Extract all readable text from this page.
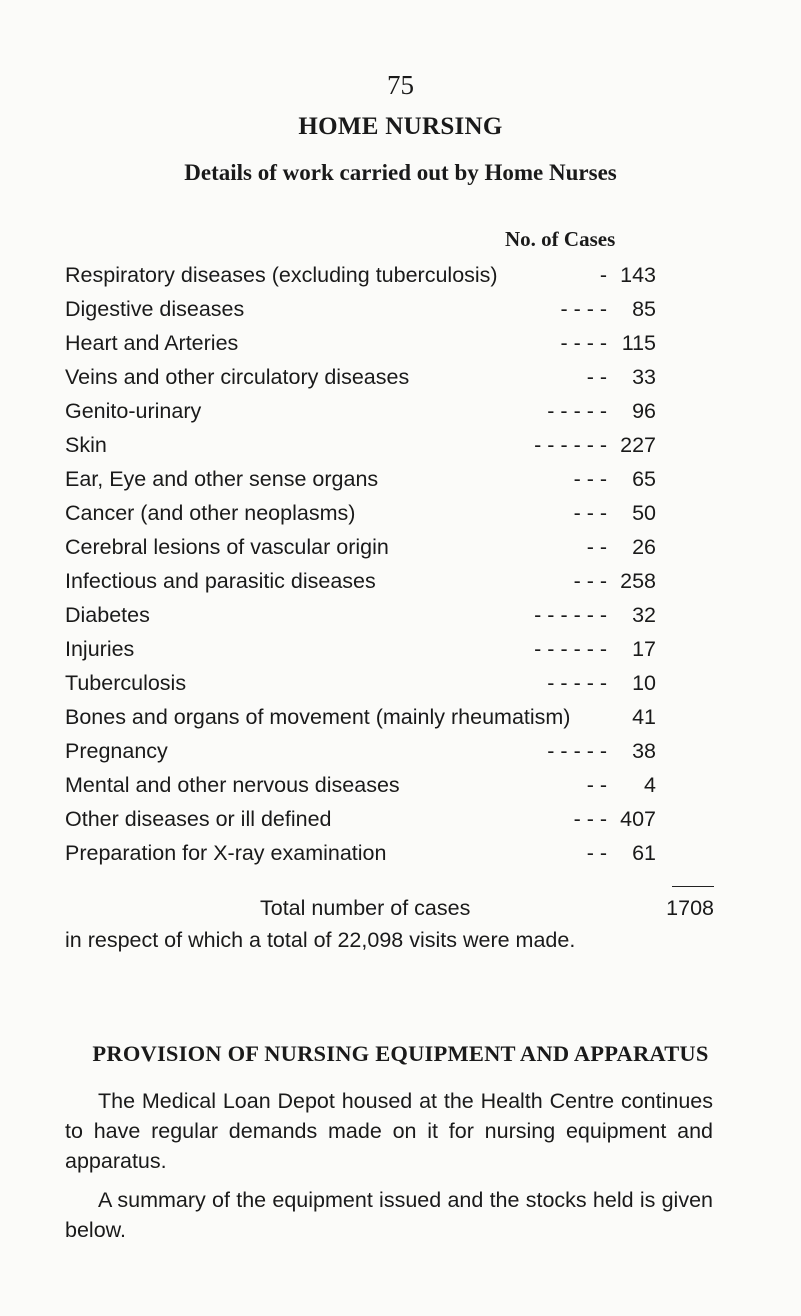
75
HOME NURSING
Details of work carried out by Home Nurses
No. of Cases
Respiratory diseases (excluding tuberculosis)	- 143
Digestive diseases	- - - -	85
Heart and Arteries	- - - - 115
Veins and other circulatory diseases	- -	33
Genito-urinary	- - - - -	96
Skin	- - - - - - 227
Ear, Eye and other sense organs	- - -	65
Cancer (and other neoplasms)	- - -	50
Cerebral lesions of vascular origin	- -	26
Infectious and parasitic diseases	- - - 258
Diabetes	- - - - - -	32
Injuries	- - - - - -	17
Tuberculosis	- - - - -	10
Bones and organs of movement (mainly rheumatism)	41
Pregnancy	- - - - -	38
Mental and other nervous diseases	- -	4
Other diseases or ill defined	- - - 407
Preparation for X-ray examination	- -	61
Total number of cases	1708
in respect of which a total of 22,098 visits were made.
PROVISION OF NURSING EQUIPMENT AND APPARATUS
The Medical Loan Depot housed at the Health Centre continues to have regular demands made on it for nursing equipment and apparatus.
A summary of the equipment issued and the stocks held is given below.
